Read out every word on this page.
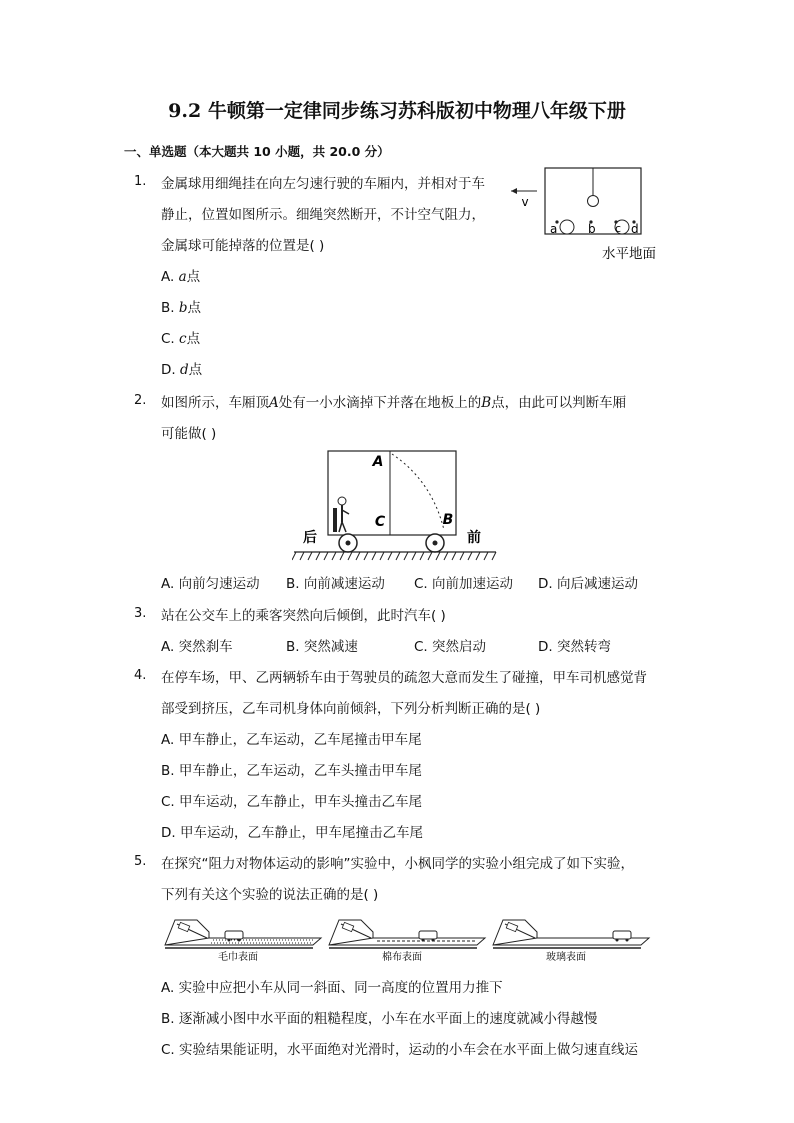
9.2 牛顿第一定律同步练习苏科版初中物理八年级下册
一、单选题（本大题共 10 小题，共 20.0 分）
1. 金属球用细绳挂在向左匀速行驶的车厢内，并相对于车
静止，位置如图所示。细绳突然断开，不计空气阻力，
金属球可能掉落的位置是( )
A. a点
B. b点
C. c点
D. d点
v
a	b c d
水平地面
2. 如图所示，车厢顶A处有一小水滴掉下并落在地板上的B点，由此可以判断车厢
可能做( )
A
B
C
后	前
A. 向前匀速运动 B. 向前减速运动 C. 向前加速运动 D. 向后减速运动
3. 站在公交车上的乘客突然向后倾倒，此时汽车( )
A. 突然刹车	B. 突然减速	C. 突然启动	D. 突然转弯
4. 在停车场，甲、乙两辆轿车由于驾驶员的疏忽大意而发生了碰撞，甲车司机感觉背
部受到挤压，乙车司机身体向前倾斜，下列分析判断正确的是( )
A. 甲车静止，乙车运动，乙车尾撞击甲车尾
B. 甲车静止，乙车运动，乙车头撞击甲车尾
C. 甲车运动，乙车静止，甲车头撞击乙车尾
D. 甲车运动，乙车静止，甲车尾撞击乙车尾
5. 在探究“阻力对物体运动的影响”实验中，小枫同学的实验小组完成了如下实验，
下列有关这个实验的说法正确的是( )
毛巾表面	棉布表面	玻璃表面
A. 实验中应把小车从同一斜面、同一高度的位置用力推下
B. 逐渐减小图中水平面的粗糙程度，小车在水平面上的速度就减小得越慢
C. 实验结果能证明，水平面绝对光滑时，运动的小车会在水平面上做匀速直线运
